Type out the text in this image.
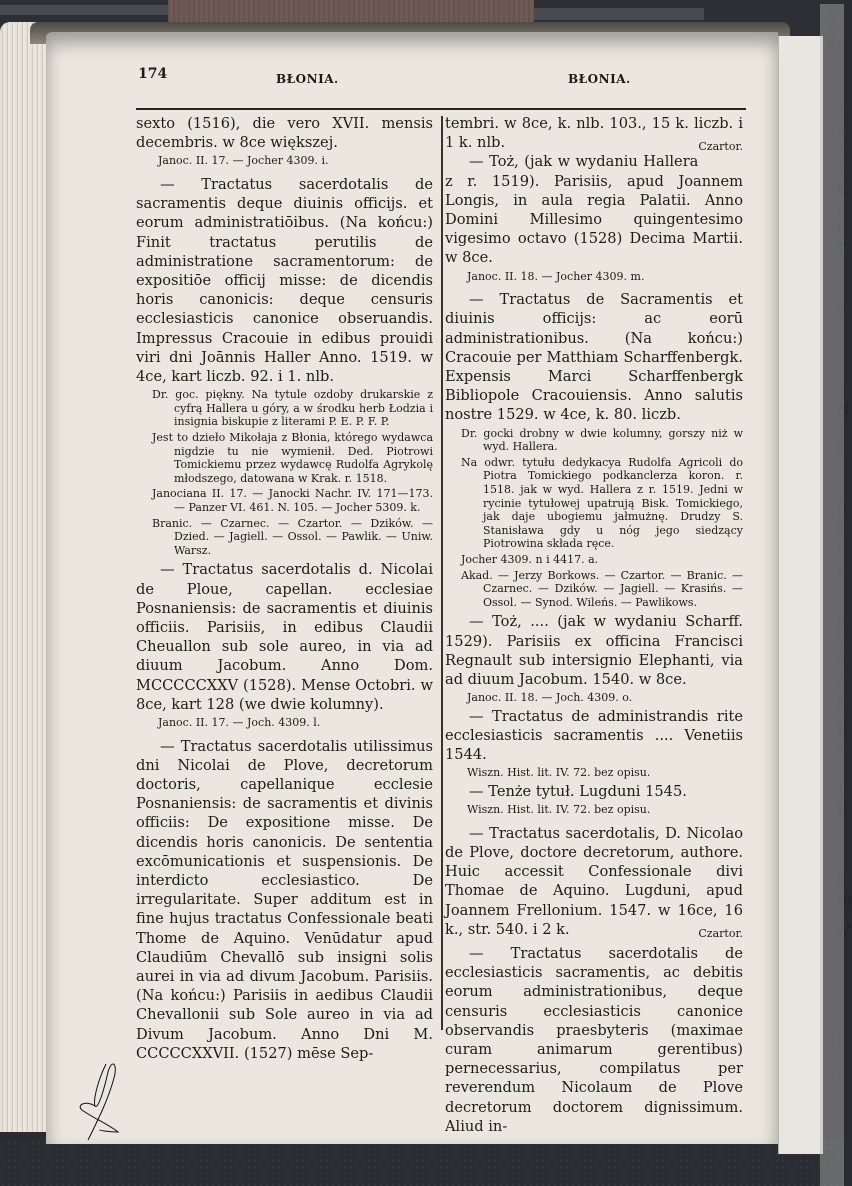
s
a
r
c
k
l
t
T
n
5
N
a
v
F
v
l
t
n
t
5
r
k
E
r
1
E
li
te
w
174	BŁONIA.	BŁONIA.

sexto (1516), die vero XVII. mensis decembris. w 8ce większej.

Janoc. II. 17. — Jocher 4309. i.

— Tractatus sacerdotalis de sacramentis deque diuinis officijs. et eorum administratiōibus. (Na końcu:) Finit tractatus perutilis de administratione sacramentorum: de expositiōe officij misse: de dicendis horis canonicis: deque censuris ecclesiasticis canonice obseruandis. Impressus Cracouie in edibus prouidi viri dni Joānnis Haller Anno. 1519. w 4ce, kart liczb. 92. i 1. nlb.

Dr. goc. piękny. Na tytule ozdoby drukarskie z cyfrą Hallera u góry, a w środku herb Łodzia i insignia biskupie z literami P. E. P. F. P.
Jest to dzieło Mikołaja z Błonia, którego wydawca nigdzie tu nie wymienił. Ded. Piotrowi Tomickiemu przez wydawcę Rudolfa Agrykolę młodszego, datowana w Krak. r. 1518.
Janociana II. 17. — Janocki Nachr. IV. 171—173. — Panzer VI. 461. N. 105. — Jocher 5309. k.
Branic. — Czarnec. — Czartor. — Dzików. — Dzied. — Jagiell. — Ossol. — Pawlik. — Uniw. Warsz.

— Tractatus sacerdotalis d. Nicolai de Ploue, capellan. ecclesiae Posnaniensis: de sacramentis et diuinis officiis. Parisiis, in edibus Claudii Cheuallon sub sole aureo, in via ad diuum Jacobum. Anno Dom. MCCCCCXXV (1528). Mense Octobri. w 8ce, kart 128 (we dwie kolumny).

Janoc. II. 17. — Joch. 4309. l.

— Tractatus sacerdotalis utilissimus dni Nicolai de Plove, decretorum doctoris, capellanique ecclesie Posnaniensis: de sacramentis et divinis officiis: De expositione misse. De dicendis horis canonicis. De sententia excōmunicationis et suspensionis. De interdicto ecclesiastico. De irregularitate. Super additum est in fine hujus tractatus Confessionale beati Thome de Aquino. Venūdatur apud Claudiūm Chevallō sub insigni solis aurei in via ad divum Jacobum. Parisiis. (Na końcu:) Parisiis in aedibus Claudii Chevallonii sub Sole aureo in via ad Divum Jacobum. Anno Dni M. CCCCCXXVII. (1527) mēse Sep-

tembri. w 8ce, k. nlb. 103., 15 k. liczb. i 1 k. nlb.	Czartor.

— Toż, (jak w wydaniu Hallera z r. 1519). Parisiis, apud Joannem Longis, in aula regia Palatii. Anno Domini Millesimo quingentesimo vigesimo octavo (1528) Decima Martii. w 8ce.

Janoc. II. 18. — Jocher 4309. m.

— Tractatus de Sacramentis et diuinis officijs: ac eorū administrationibus. (Na końcu:) Cracouie per Matthiam Scharffenbergk. Expensis Marci Scharffenbergk Bibliopole Cracouiensis. Anno salutis nostre 1529. w 4ce, k. 80. liczb.

Dr. gocki drobny w dwie kolumny, gorszy niż w wyd. Hallera.
Na odwr. tytułu dedykacya Rudolfa Agricoli do Piotra Tomickiego podkanclerza koron. r. 1518. jak w wyd. Hallera z r. 1519. Jedni w rycinie tytułowej upatrują Bisk. Tomickiego, jak daje ubogiemu jałmużnę. Drudzy S. Stanisława gdy u nóg jego siedzący Piotrowina składa ręce.
Jocher 4309. n i 4417. a.
Akad. — Jerzy Borkows. — Czartor. — Branic. — Czarnec. — Dzików. — Jagiell. — Krasińs. — Ossol. — Synod. Wileńs. — Pawlikows.

— Toż, .... (jak w wydaniu Scharff. 1529). Parisiis ex officina Francisci Regnault sub intersignio Elephanti, via ad diuum Jacobum. 1540. w 8ce.

Janoc. II. 18. — Joch. 4309. o.

— Tractatus de administrandis rite ecclesiasticis sacramentis .... Venetiis 1544.

Wiszn. Hist. lit. IV. 72. bez opisu.

— Tenże tytuł. Lugduni 1545.

Wiszn. Hist. lit. IV. 72. bez opisu.

— Tractatus sacerdotalis, D. Nicolao de Plove, doctore decretorum, authore. Huic accessit Confessionale divi Thomae de Aquino. Lugduni, apud Joannem Frellonium. 1547. w 16ce, 16 k., str. 540. i 2 k.	Czartor.

— Tractatus sacerdotalis de ecclesiasticis sacramentis, ac debitis eorum administrationibus, deque censuris ecclesiasticis canonice observandis praesbyteris (maximae curam animarum gerentibus) pernecessarius, compilatus per reverendum Nicolaum de Plove decretorum doctorem dignissimum. Aliud in-

Bibliografia Staropolska, Tom XIII
www.estreicher.uj.edu.pl
